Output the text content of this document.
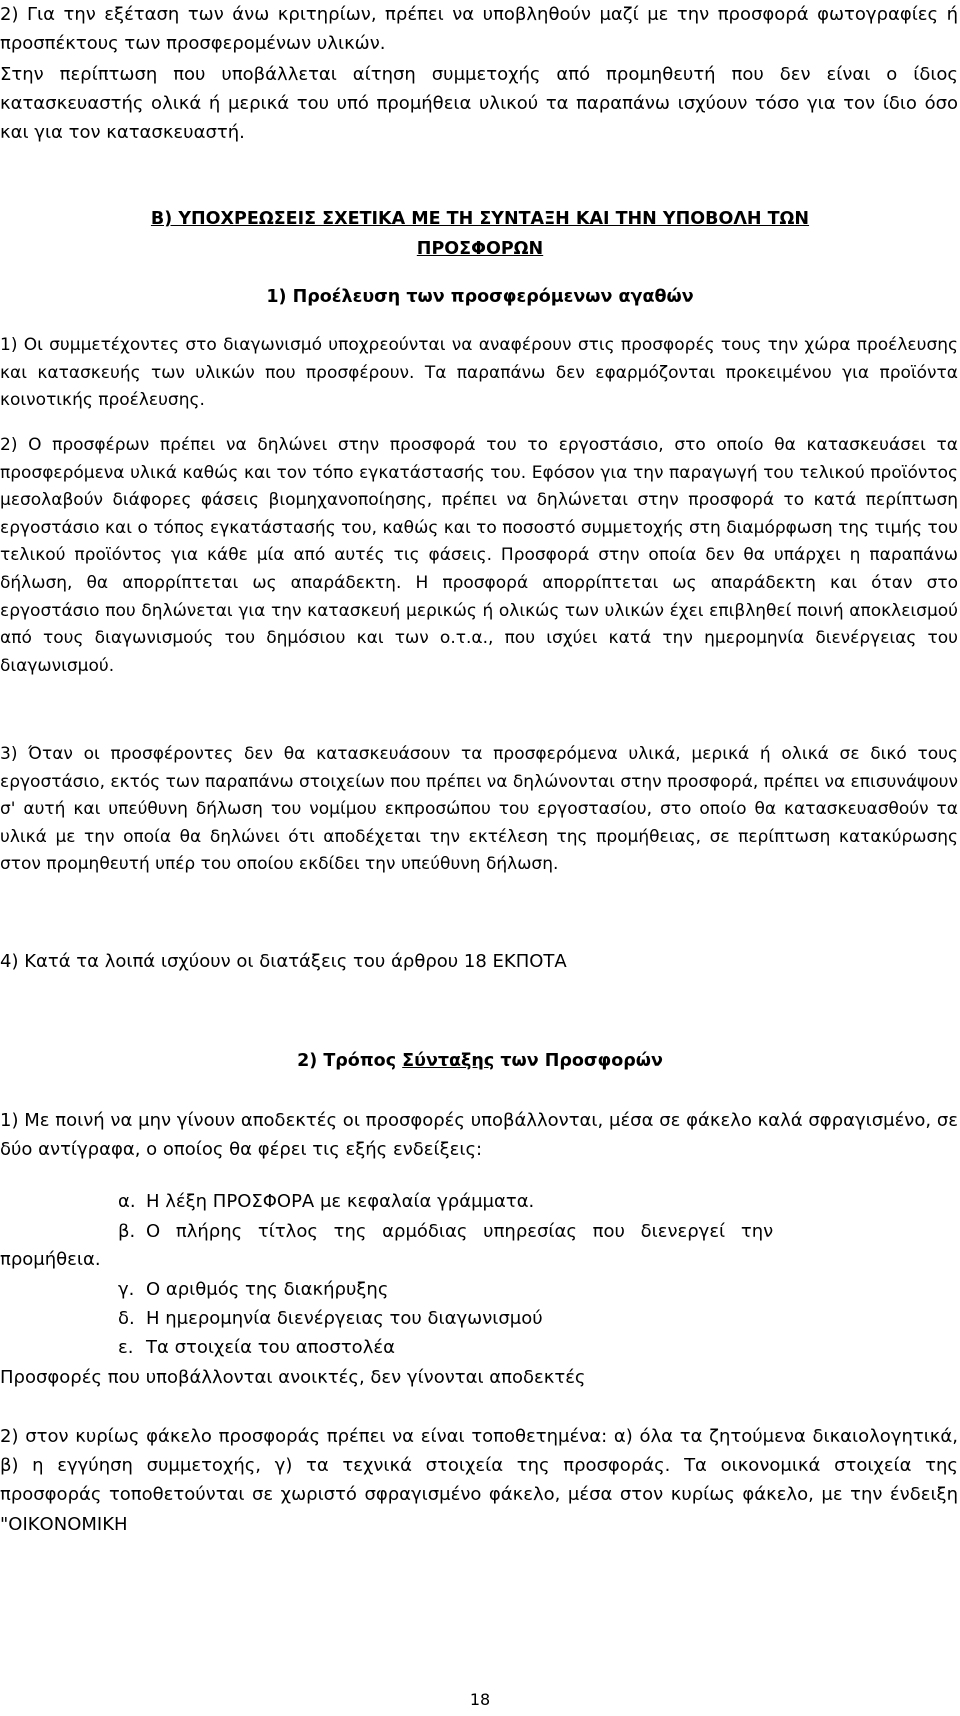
2) Για την εξέταση των άνω κριτηρίων, πρέπει να υποβληθούν μαζί με την προσφορά φωτογραφίες ή προσπέκτους των προσφερομένων υλικών.

Στην περίπτωση που υποβάλλεται αίτηση συμμετοχής από προμηθευτή που δεν είναι ο ίδιος κατασκευαστής ολικά ή μερικά του υπό προμήθεια υλικού τα παραπάνω ισχύουν τόσο για τον ίδιο όσο και για τον κατασκευαστή.

Β) ΥΠΟΧΡΕΩΣΕΙΣ ΣΧΕΤΙΚΑ ΜΕ ΤΗ ΣΥΝΤΑΞΗ ΚΑΙ ΤΗΝ ΥΠΟΒΟΛΗ ΤΩΝ

ΠΡΟΣΦΟΡΩΝ

1) Προέλευση των προσφερόμενων αγαθών

1) Οι συμμετέχοντες στο διαγωνισμό υποχρεούνται να αναφέρουν στις προσφορές τους την χώρα προέλευσης και κατασκευής των υλικών που προσφέρουν. Τα παραπάνω δεν εφαρμόζονται προκειμένου για προϊόντα κοινοτικής προέλευσης.

2) Ο προσφέρων πρέπει να δηλώνει στην προσφορά του το εργοστάσιο, στο οποίο θα κατασκευάσει τα προσφερόμενα υλικά καθώς και τον τόπο εγκατάστασής του. Εφόσον για την παραγωγή του τελικού προϊόντος μεσολαβούν διάφορες φάσεις βιομηχανοποίησης, πρέπει να δηλώνεται στην προσφορά το κατά περίπτωση εργοστάσιο και ο τόπος εγκατάστασής του, καθώς και το ποσοστό συμμετοχής στη διαμόρφωση της τιμής του τελικού προϊόντος για κάθε μία από αυτές τις φάσεις. Προσφορά στην οποία δεν θα υπάρχει η παραπάνω δήλωση, θα απορρίπτεται ως απαράδεκτη. Η προσφορά απορρίπτεται ως απαράδεκτη και όταν στο εργοστάσιο που δηλώνεται για την κατασκευή μερικώς ή ολικώς των υλικών έχει επιβληθεί ποινή αποκλεισμού από τους διαγωνισμούς του δημόσιου και των ο.τ.α., που ισχύει κατά την ημερομηνία διενέργειας του διαγωνισμού.

3) Όταν οι προσφέροντες δεν θα κατασκευάσουν τα προσφερόμενα υλικά, μερικά ή ολικά σε δικό τους εργοστάσιο, εκτός των παραπάνω στοιχείων που πρέπει να δηλώνονται στην προσφορά, πρέπει να επισυνάψουν σ' αυτή και υπεύθυνη δήλωση του νομίμου εκπροσώπου του εργοστασίου, στο οποίο θα κατασκευασθούν τα υλικά με την οποία θα δηλώνει ότι αποδέχεται την εκτέλεση της προμήθειας, σε περίπτωση κατακύρωσης στον προμηθευτή υπέρ του οποίου εκδίδει την υπεύθυνη δήλωση.

4) Κατά τα λοιπά ισχύουν οι διατάξεις του άρθρου 18 ΕΚΠΟΤΑ

2) Τρόπος Σύνταξης των Προσφορών

1) Με ποινή να μην γίνουν αποδεκτές οι προσφορές υποβάλλονται, μέσα σε φάκελο καλά σφραγισμένο, σε δύο αντίγραφα, ο οποίος θα φέρει τις εξής ενδείξεις:

α. Η λέξη ΠΡΟΣΦΟΡΑ με κεφαλαία γράμματα.

β. Ο πλήρης τίτλος της αρμόδιας υπηρεσίας που διενεργεί την

προμήθεια.

γ. Ο αριθμός της διακήρυξης

δ. Η ημερομηνία διενέργειας του διαγωνισμού

ε. Τα στοιχεία του αποστολέα

Προσφορές που υποβάλλονται ανοικτές, δεν γίνονται αποδεκτές

2) στον κυρίως φάκελο προσφοράς πρέπει να είναι τοποθετημένα: α) όλα τα ζητούμενα δικαιολογητικά, β) η εγγύηση συμμετοχής, γ) τα τεχνικά στοιχεία της προσφοράς. Τα οικονομικά στοιχεία της προσφοράς τοποθετούνται σε χωριστό σφραγισμένο φάκελο, μέσα στον κυρίως φάκελο, με την ένδειξη "ΟΙΚΟΝΟΜΙΚΗ

18
